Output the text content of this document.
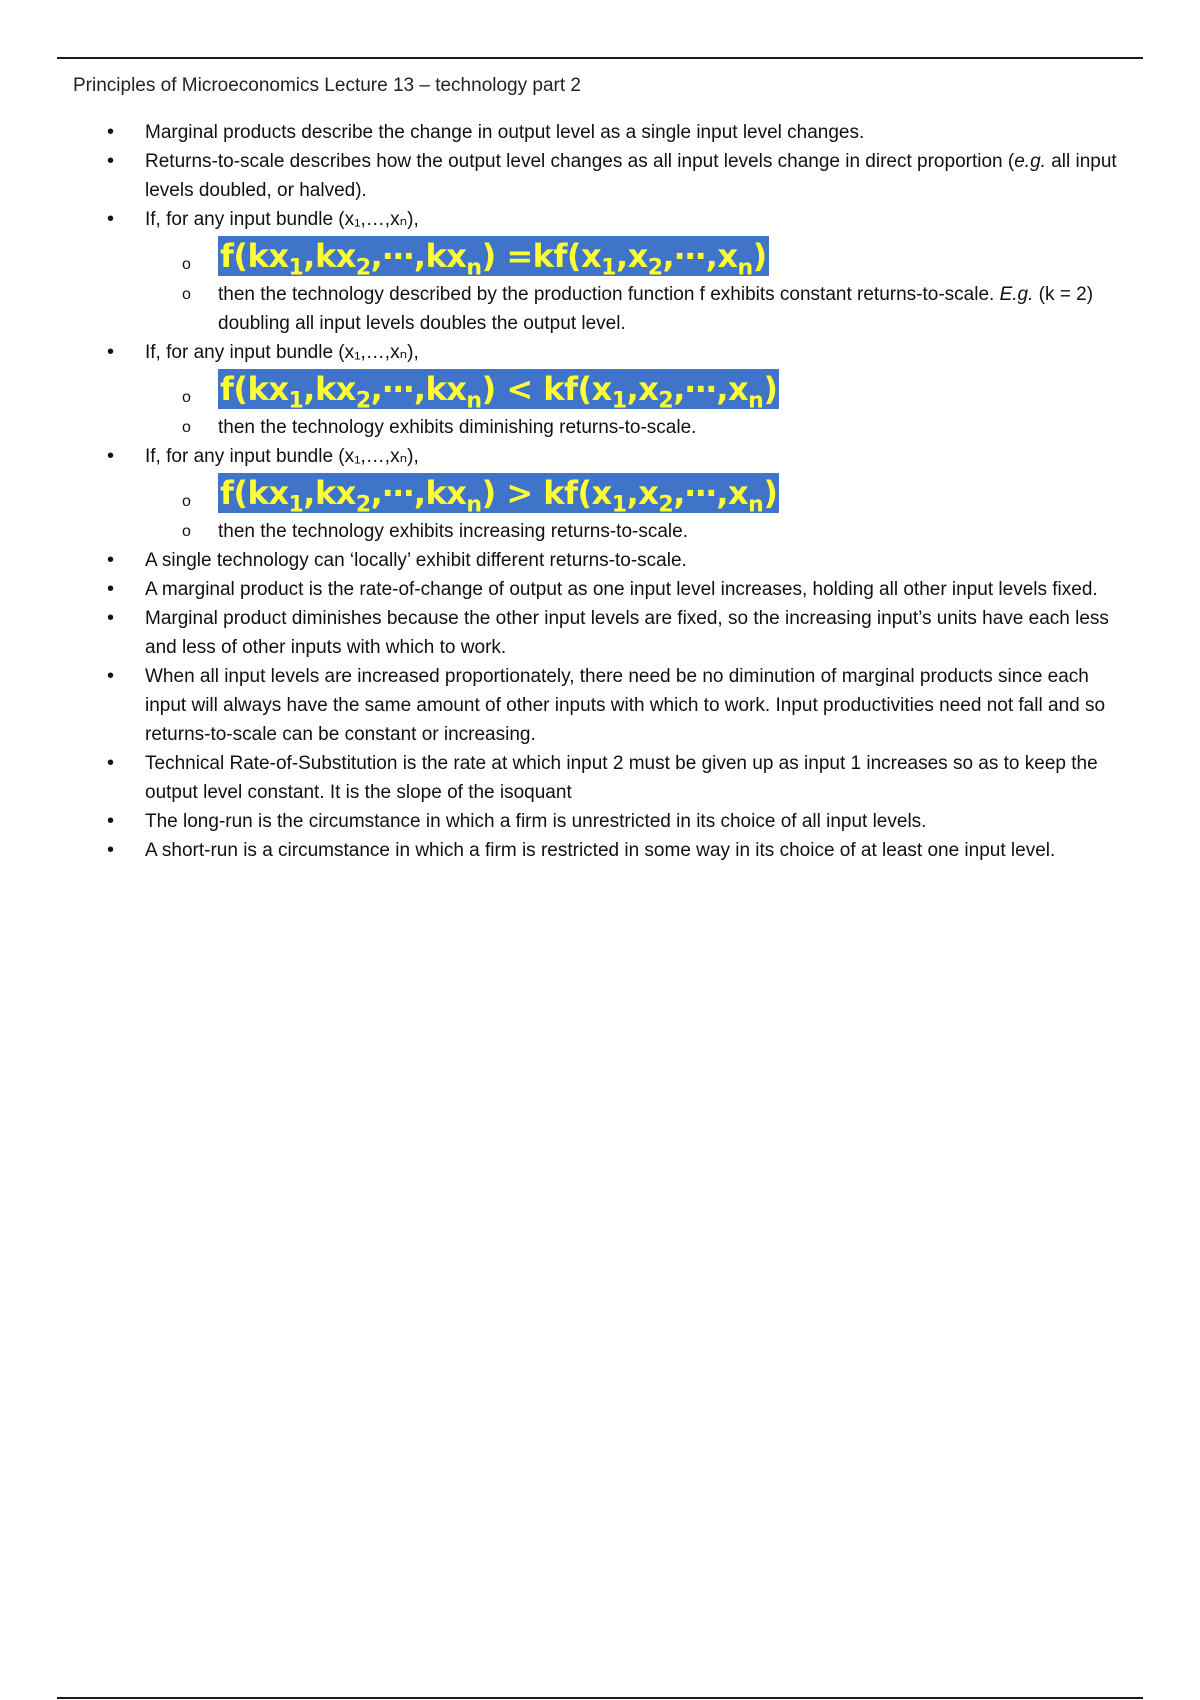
Principles of Microeconomics Lecture 13 – technology part 2
• Marginal products describe the change in output level as a single input level changes.
• Returns-to-scale describes how the output level changes as all input levels change in direct proportion (e.g. all input levels doubled, or halved).
• If, for any input bundle (x₁,…,xₙ),
o $f(kx_1,kx_2,\cdots,kx_n)$ $=kf(x_1,x_2,\cdots,x_n)$
o then the technology described by the production function f exhibits constant returns-to-scale. E.g. (k = 2) doubling all input levels doubles the output level.
• If, for any input bundle (x₁,…,xₙ),
o $f(kx_1,kx_2,\cdots,kx_n)$ < $kf(x_1,x_2,\cdots,x_n)$
o then the technology exhibits diminishing returns-to-scale.
• If, for any input bundle (x₁,…,xₙ),
o $f(kx_1,kx_2,\cdots,kx_n)$ > $kf(x_1,x_2,\cdots,x_n)$
o then the technology exhibits increasing returns-to-scale.
• A single technology can ‘locally’ exhibit different returns-to-scale.
• A marginal product is the rate-of-change of output as one input level increases, holding all other input levels fixed.
• Marginal product diminishes because the other input levels are fixed, so the increasing input’s units have each less and less of other inputs with which to work.
• When all input levels are increased proportionately, there need be no diminution of marginal products since each input will always have the same amount of other inputs with which to work. Input productivities need not fall and so returns-to-scale can be constant or increasing.
• Technical Rate-of-Substitution is the rate at which input 2 must be given up as input 1 increases so as to keep the output level constant. It is the slope of the isoquant
• The long-run is the circumstance in which a firm is unrestricted in its choice of all input levels.
• A short-run is a circumstance in which a firm is restricted in some way in its choice of at least one input level.
